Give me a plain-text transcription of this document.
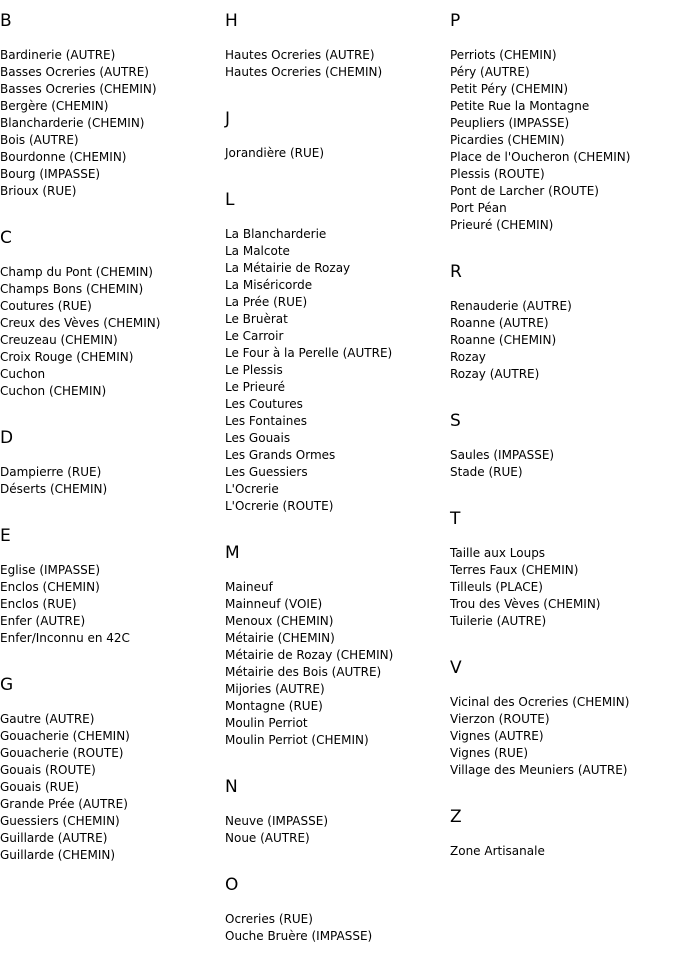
B
Bardinerie (AUTRE)
Basses Ocreries (AUTRE)
Basses Ocreries (CHEMIN)
Bergère (CHEMIN)
Blancharderie (CHEMIN)
Bois (AUTRE)
Bourdonne (CHEMIN)
Bourg (IMPASSE)
Brioux (RUE)
C
Champ du Pont (CHEMIN)
Champs Bons (CHEMIN)
Coutures (RUE)
Creux des Vèves (CHEMIN)
Creuzeau (CHEMIN)
Croix Rouge (CHEMIN)
Cuchon
Cuchon (CHEMIN)
D
Dampierre (RUE)
Déserts (CHEMIN)
E
Eglise (IMPASSE)
Enclos (CHEMIN)
Enclos (RUE)
Enfer (AUTRE)
Enfer/Inconnu en 42C
G
Gautre (AUTRE)
Gouacherie (CHEMIN)
Gouacherie (ROUTE)
Gouais (ROUTE)
Gouais (RUE)
Grande Prée (AUTRE)
Guessiers (CHEMIN)
Guillarde (AUTRE)
Guillarde (CHEMIN)
H
Hautes Ocreries (AUTRE)
Hautes Ocreries (CHEMIN)
J
Jorandière (RUE)
L
La Blancharderie
La Malcote
La Métairie de Rozay
La Miséricorde
La Prée (RUE)
Le Bruèrat
Le Carroir
Le Four à la Perelle (AUTRE)
Le Plessis
Le Prieuré
Les Coutures
Les Fontaines
Les Gouais
Les Grands Ormes
Les Guessiers
L'Ocrerie
L'Ocrerie (ROUTE)
M
Maineuf
Mainneuf (VOIE)
Menoux (CHEMIN)
Métairie (CHEMIN)
Métairie de Rozay (CHEMIN)
Métairie des Bois (AUTRE)
Mijories (AUTRE)
Montagne (RUE)
Moulin Perriot
Moulin Perriot (CHEMIN)
N
Neuve (IMPASSE)
Noue (AUTRE)
O
Ocreries (RUE)
Ouche Bruère (IMPASSE)
P
Perriots (CHEMIN)
Péry (AUTRE)
Petit Péry (CHEMIN)
Petite Rue la Montagne
Peupliers (IMPASSE)
Picardies (CHEMIN)
Place de l'Oucheron (CHEMIN)
Plessis (ROUTE)
Pont de Larcher (ROUTE)
Port Péan
Prieuré (CHEMIN)
R
Renauderie (AUTRE)
Roanne (AUTRE)
Roanne (CHEMIN)
Rozay
Rozay (AUTRE)
S
Saules (IMPASSE)
Stade (RUE)
T
Taille aux Loups
Terres Faux (CHEMIN)
Tilleuls (PLACE)
Trou des Vèves (CHEMIN)
Tuilerie (AUTRE)
V
Vicinal des Ocreries (CHEMIN)
Vierzon (ROUTE)
Vignes (AUTRE)
Vignes (RUE)
Village des Meuniers (AUTRE)
Z
Zone Artisanale
